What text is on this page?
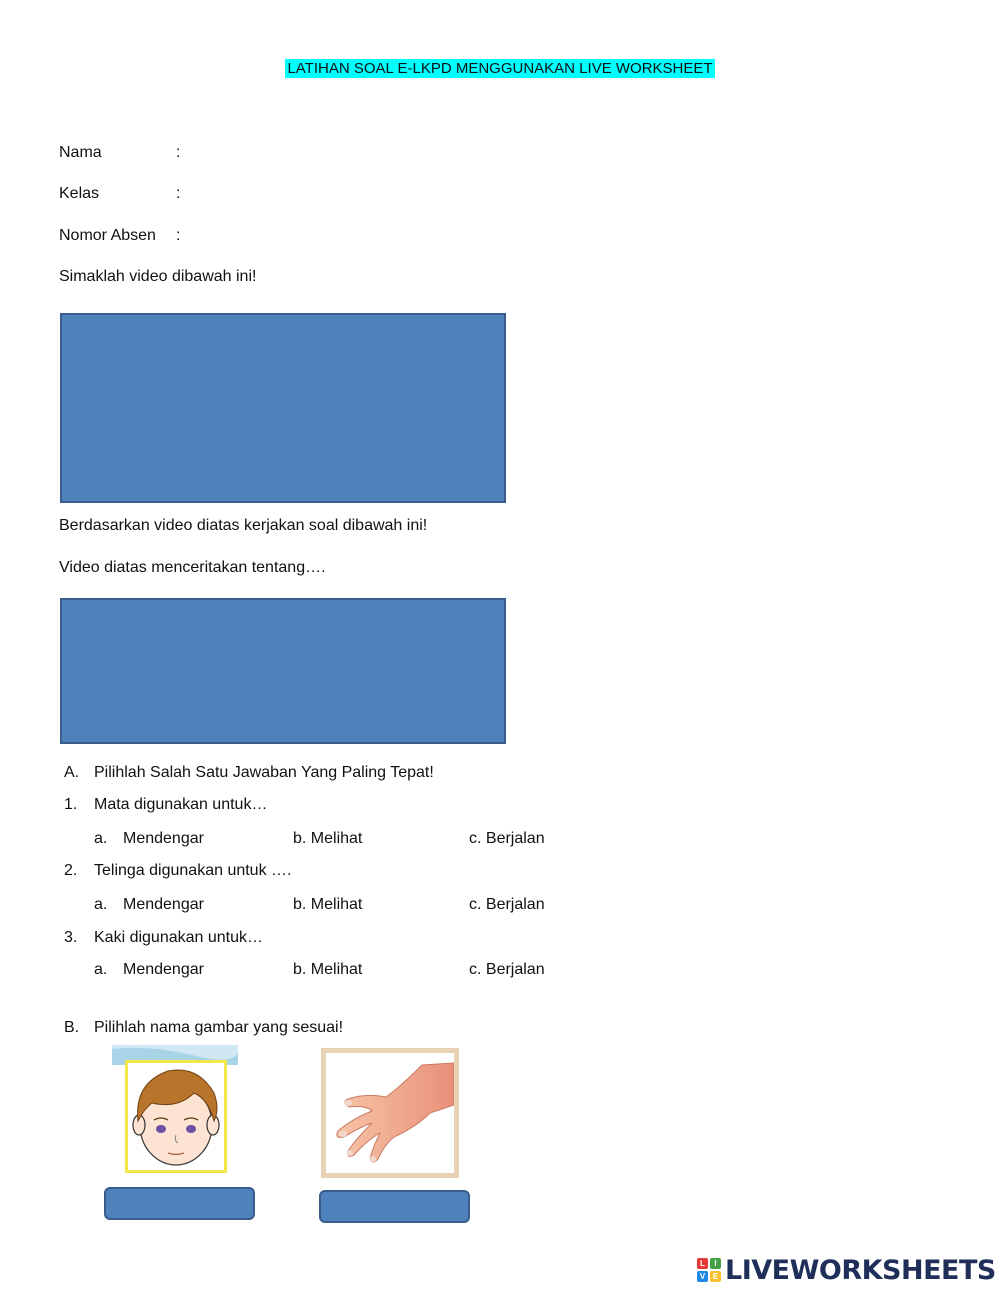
LATIHAN SOAL E-LKPD MENGGUNAKAN LIVE WORKSHEET
Nama	:
Kelas	:
Nomor Absen :
Simaklah video dibawah ini!
Berdasarkan video diatas kerjakan soal dibawah ini!
Video diatas menceritakan tentang….
A. Pilihlah Salah Satu Jawaban Yang Paling Tepat!
1. Mata digunakan untuk…
a. Mendengar	b. Melihat	c. Berjalan
2. Telinga digunakan untuk ….
a. Mendengar	b. Melihat	c. Berjalan
3. Kaki digunakan untuk…
a. Mendengar	b. Melihat	c. Berjalan
B. Pilihlah nama gambar yang sesuai!
L	I
V E LIVEWORKSHEETS
